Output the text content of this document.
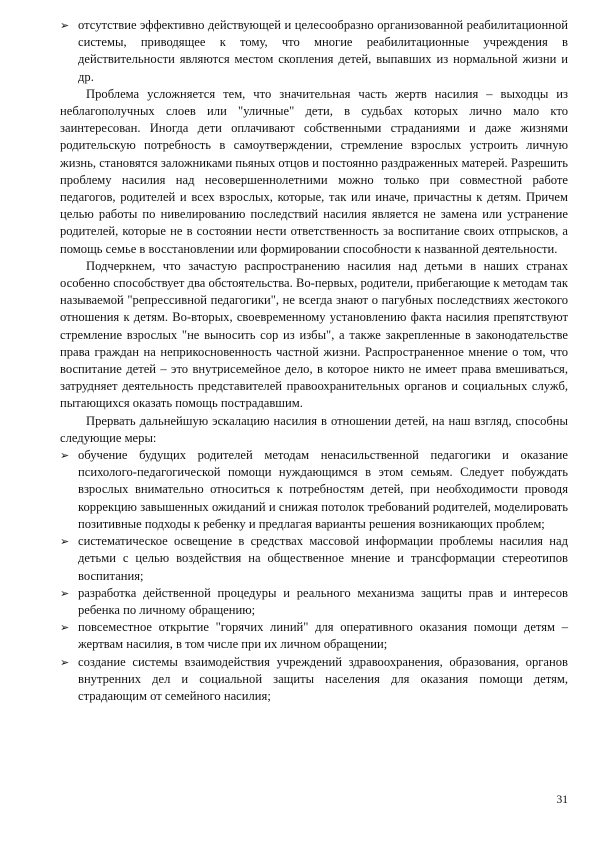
➢ отсутствие эффективно действующей и целесообразно организованной реабилитационной системы, приводящее к тому, что многие реабилитационные учреждения в действительности являются местом скопления детей, выпавших из нормальной жизни и др.

Проблема усложняется тем, что значительная часть жертв насилия – выходцы из неблагополучных слоев или "уличные" дети, в судьбах которых лично мало кто заинтересован. Иногда дети оплачивают собственными страданиями и даже жизнями родительскую потребность в самоутверждении, стремление взрослых устроить личную жизнь, становятся заложниками пьяных отцов и постоянно раздраженных матерей. Разрешить проблему насилия над несовершеннолетними можно только при совместной работе педагогов, родителей и всех взрослых, которые, так или иначе, причастны к детям. Причем целью работы по нивелированию последствий насилия является не замена или устранение родителей, которые не в состоянии нести ответственность за воспитание своих отпрысков, а помощь семье в восстановлении или формировании способности к названной деятельности.

Подчеркнем, что зачастую распространению насилия над детьми в наших странах особенно способствует два обстоятельства. Во-первых, родители, прибегающие к методам так называемой "репрессивной педагогики", не всегда знают о пагубных последствиях жестокого отношения к детям. Во-вторых, своевременному установлению факта насилия препятствуют стремление взрослых "не выносить сор из избы", а также закрепленные в законодательстве права граждан на неприкосновенность частной жизни. Распространенное мнение о том, что воспитание детей – это внутрисемейное дело, в которое никто не имеет права вмешиваться, затрудняет деятельность представителей правоохранительных органов и социальных служб, пытающихся оказать помощь пострадавшим.

Прервать дальнейшую эскалацию насилия в отношении детей, на наш взгляд, способны следующие меры:

➢ обучение будущих родителей методам ненасильственной педагогики и оказание психолого-педагогической помощи нуждающимся в этом семьям. Следует побуждать взрослых внимательно относиться к потребностям детей, при необходимости проводя коррекцию завышенных ожиданий и снижая потолок требований родителей, моделировать позитивные подходы к ребенку и предлагая варианты решения возникающих проблем;
➢ систематическое освещение в средствах массовой информации проблемы насилия над детьми с целью воздействия на общественное мнение и трансформации стереотипов воспитания;
➢ разработка действенной процедуры и реального механизма защиты прав и интересов ребенка по личному обращению;
➢ повсеместное открытие "горячих линий" для оперативного оказания помощи детям – жертвам насилия, в том числе при их личном обращении;
➢ создание системы взаимодействия учреждений здравоохранения, образования, органов внутренних дел и социальной защиты населения для оказания помощи детям, страдающим от семейного насилия;
31
